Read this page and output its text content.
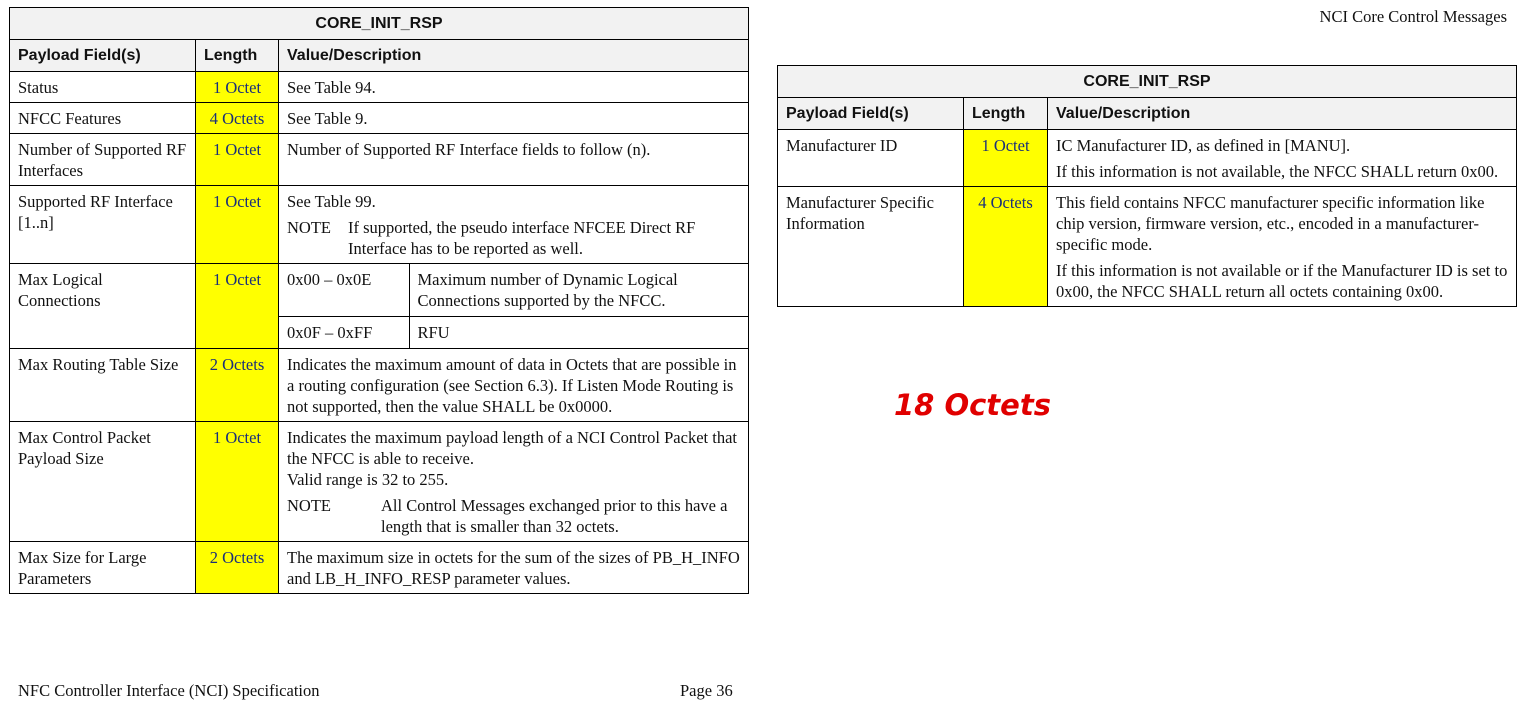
NCI Core Control Messages
CORE_INIT_RSP
Payload Field(s)	Length	Value/Description
Status	1 Octet	See Table 94.
NFCC Features	4 Octets	See Table 9.
Number of Supported RF Interfaces	1 Octet	Number of Supported RF Interface fields to follow (n).
Supported RF Interface [1..n]	1 Octet	See Table 99.

NOTE	If supported, the pseudo interface NFCEE Direct RF Interface has to be reported as well.

Max Logical Connections	1 Octet	0x00 – 0x0E	Maximum number of Dynamic Logical Connections supported by the NFCC.
0x0F – 0xFF	RFU

Max Routing Table Size	2 Octets	Indicates the maximum amount of data in Octets that are possible in a routing configuration (see Section 6.3). If Listen Mode Routing is not supported, then the value SHALL be 0x0000.
Max Control Packet Payload Size	1 Octet	Indicates the maximum payload length of a NCI Control Packet that the NFCC is able to receive.

Valid range is 32 to 255.

NOTE	All Control Messages exchanged prior to this have a length that is smaller than 32 octets.

Max Size for Large Parameters	2 Octets	The maximum size in octets for the sum of the sizes of PB_H_INFO and LB_H_INFO_RESP parameter values.
CORE_INIT_RSP		
Payload Field(s)	Length	Value/Description
Manufacturer ID	1 Octet	IC Manufacturer ID, as defined in [MANU].

If this information is not available, the NFCC SHALL return 0x00.

Manufacturer Specific Information	4 Octets	This field contains NFCC manufacturer specific information like chip version, firmware version, etc., encoded in a manufacturer-specific mode.

If this information is not available or if the Manufacturer ID is set to 0x00, the NFCC SHALL return all octets containing 0x00.

18 Octets
NFC Controller Interface (NCI) Specification	Page 36
